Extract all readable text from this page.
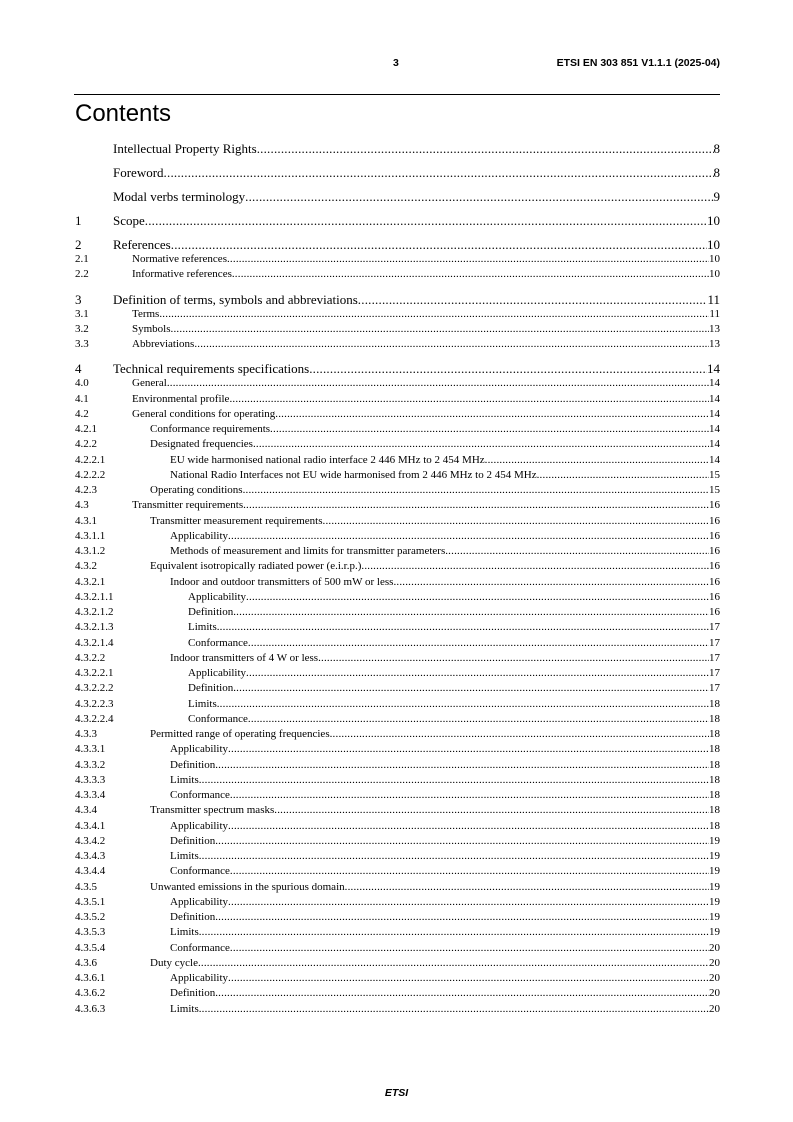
3	ETSI EN 303 851 V1.1.1 (2025-04)
Contents
Intellectual Property Rights .....	8
Foreword .....	8
Modal verbs terminology .....	9
1	Scope .....	10
2	References .....	10
2.1	Normative references .....	10
2.2	Informative references .....	10
3	Definition of terms, symbols and abbreviations .....	11
3.1	Terms .....	11
3.2	Symbols .....	13
3.3	Abbreviations .....	13
4	Technical requirements specifications .....	14
4.0	General .....	14
4.1	Environmental profile .....	14
4.2	General conditions for operating .....	14
4.2.1	Conformance requirements .....	14
4.2.2	Designated frequencies .....	14
4.2.2.1	EU wide harmonised national radio interface 2 446 MHz to 2 454 MHz .....	14
4.2.2.2	National Radio Interfaces not EU wide harmonised from 2 446 MHz to 2 454 MHz .....	15
4.2.3	Operating conditions .....	15
4.3	Transmitter requirements .....	16
4.3.1	Transmitter measurement requirements .....	16
4.3.1.1	Applicability .....	16
4.3.1.2	Methods of measurement and limits for transmitter parameters .....	16
4.3.2	Equivalent isotropically radiated power (e.i.r.p.) .....	16
4.3.2.1	Indoor and outdoor transmitters of 500 mW or less .....	16
4.3.2.1.1	Applicability .....	16
4.3.2.1.2	Definition .....	16
4.3.2.1.3	Limits .....	17
4.3.2.1.4	Conformance .....	17
4.3.2.2	Indoor transmitters of 4 W or less .....	17
4.3.2.2.1	Applicability .....	17
4.3.2.2.2	Definition .....	17
4.3.2.2.3	Limits .....	18
4.3.2.2.4	Conformance .....	18
4.3.3	Permitted range of operating frequencies .....	18
4.3.3.1	Applicability .....	18
4.3.3.2	Definition .....	18
4.3.3.3	Limits .....	18
4.3.3.4	Conformance .....	18
4.3.4	Transmitter spectrum masks .....	18
4.3.4.1	Applicability .....	18
4.3.4.2	Definition .....	19
4.3.4.3	Limits .....	19
4.3.4.4	Conformance .....	19
4.3.5	Unwanted emissions in the spurious domain .....	19
4.3.5.1	Applicability .....	19
4.3.5.2	Definition .....	19
4.3.5.3	Limits .....	19
4.3.5.4	Conformance .....	20
4.3.6	Duty cycle .....	20
4.3.6.1	Applicability .....	20
4.3.6.2	Definition .....	20
4.3.6.3	Limits .....	20
ETSI
